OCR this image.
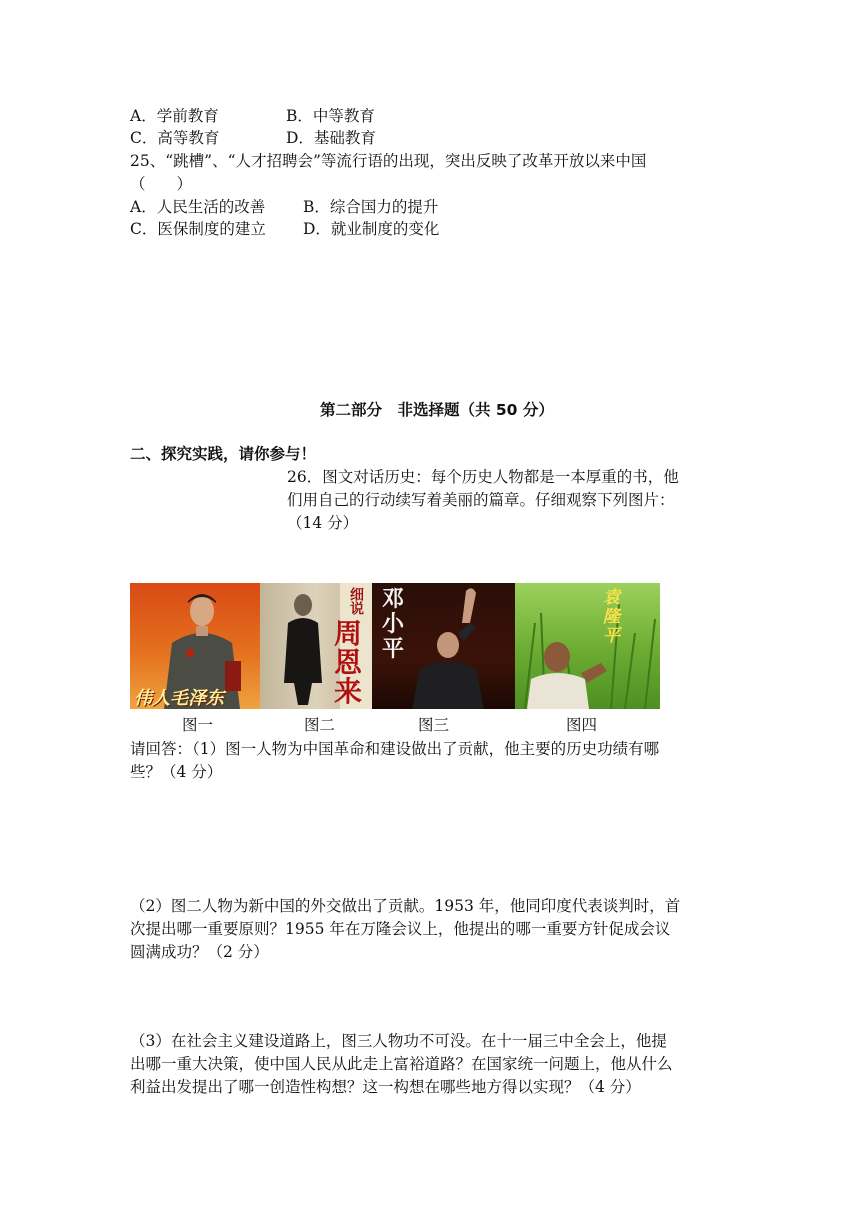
A．学前教育	B．中等教育
C．高等教育	D．基础教育
25、“跳槽”、“人才招聘会”等流行语的出现，突出反映了改革开放以来中国
（　　）
A．人民生活的改善 B．综合国力的提升
C．医保制度的建立 D．就业制度的变化
第二部分　非选择题（共 50 分）
二、探究实践，请你参与！
26．图文对话历史：每个历史人物都是一本厚重的书，他
们用自己的行动续写着美丽的篇章。仔细观察下列图片：
（14 分）
伟人毛泽东
细说
周恩来
邓小平
袁隆平
图一	图二	图三	图四
请回答：（1）图一人物为中国革命和建设做出了贡献，他主要的历史功绩有哪
些？（4 分）
（2）图二人物为新中国的外交做出了贡献。1953 年，他同印度代表谈判时，首
次提出哪一重要原则？1955 年在万隆会议上，他提出的哪一重要方针促成会议
圆满成功？（2 分）
（3）在社会主义建设道路上，图三人物功不可没。在十一届三中全会上，他提
出哪一重大决策，使中国人民从此走上富裕道路？在国家统一问题上，他从什么
利益出发提出了哪一创造性构想？这一构想在哪些地方得以实现？（4 分）
